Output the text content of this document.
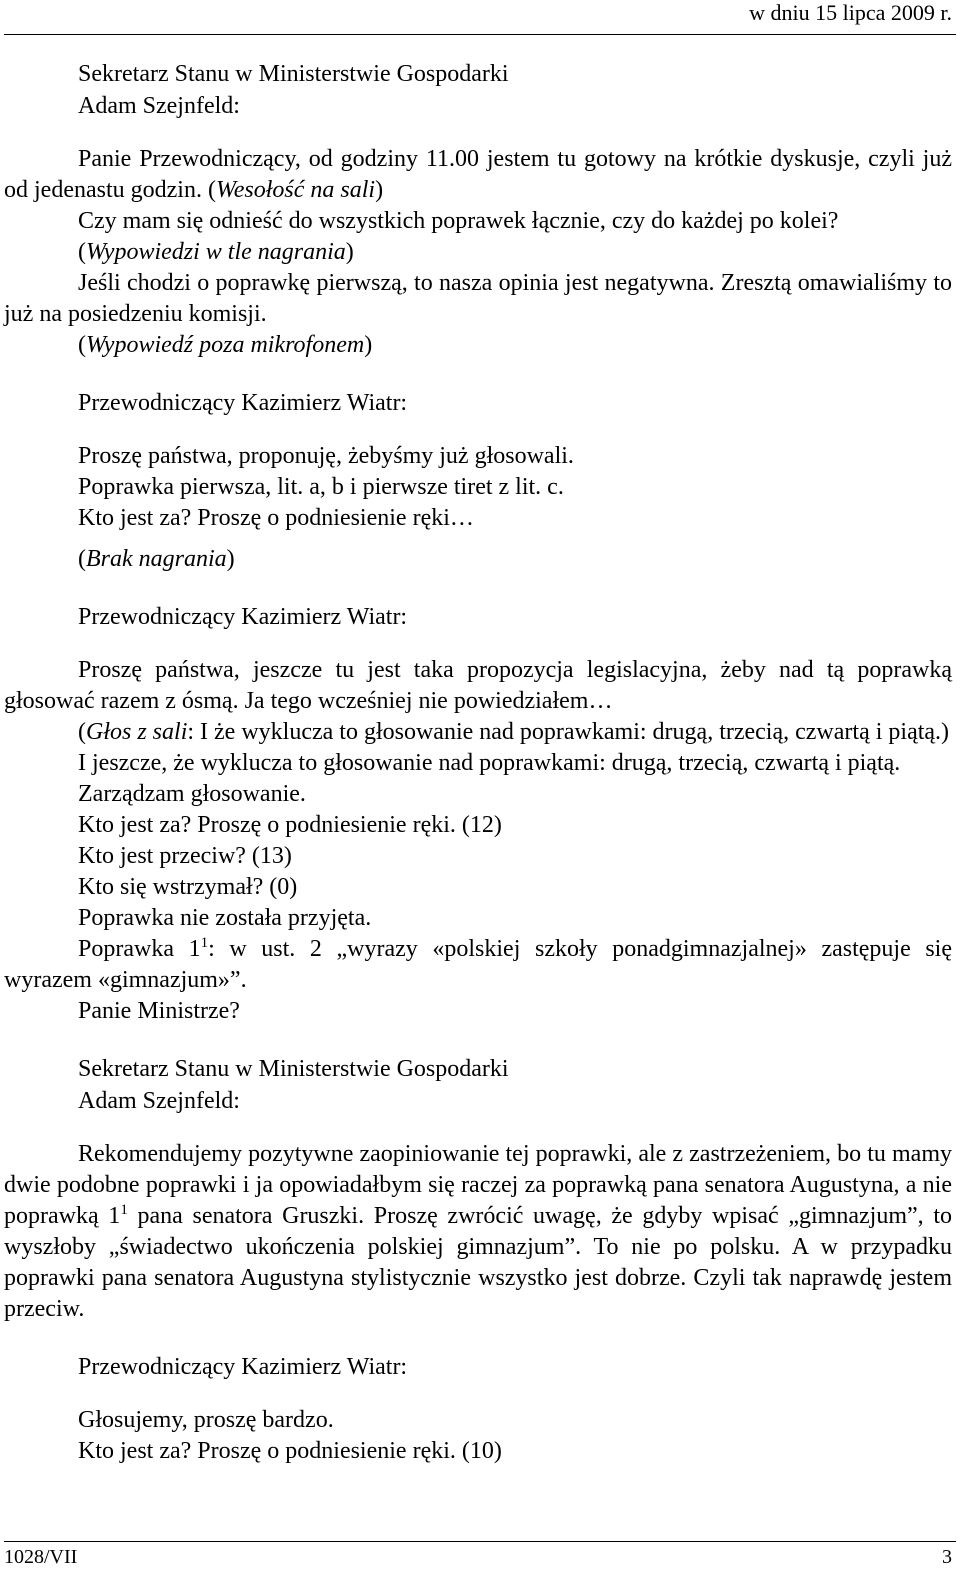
w dniu 15 lipca 2009 r.
Sekretarz Stanu w Ministerstwie Gospodarki
Adam Szejnfeld:

Panie Przewodniczący, od godziny 11.00 jestem tu gotowy na krótkie dyskusje, czyli już od jedenastu godzin. (Wesołość na sali)

Czy mam się odnieść do wszystkich poprawek łącznie, czy do każdej po kolei?

(Wypowiedzi w tle nagrania)

Jeśli chodzi o poprawkę pierwszą, to nasza opinia jest negatywna. Zresztą omawialiśmy to już na posiedzeniu komisji.

(Wypowiedź poza mikrofonem)

Przewodniczący Kazimierz Wiatr:

Proszę państwa, proponuję, żebyśmy już głosowali.

Poprawka pierwsza, lit. a, b i pierwsze tiret z lit. c.

Kto jest za? Proszę o podniesienie ręki…

(Brak nagrania)

Przewodniczący Kazimierz Wiatr:

Proszę państwa, jeszcze tu jest taka propozycja legislacyjna, żeby nad tą poprawką głosować razem z ósmą. Ja tego wcześniej nie powiedziałem…

(Głos z sali: I że wyklucza to głosowanie nad poprawkami: drugą, trzecią, czwartą i piątą.)

I jeszcze, że wyklucza to głosowanie nad poprawkami: drugą, trzecią, czwartą i piątą.

Zarządzam głosowanie.

Kto jest za? Proszę o podniesienie ręki. (12)

Kto jest przeciw? (13)

Kto się wstrzymał? (0)

Poprawka nie została przyjęta.

Poprawka $1^1$: w ust. 2 „wyrazy «polskiej szkoły ponadgimnazjalnej» zastępuje się wyrazem «gimnazjum»”.

Panie Ministrze?

Sekretarz Stanu w Ministerstwie Gospodarki
Adam Szejnfeld:

Rekomendujemy pozytywne zaopiniowanie tej poprawki, ale z zastrzeżeniem, bo tu mamy dwie podobne poprawki i ja opowiadałbym się raczej za poprawką pana senatora Augustyna, a nie poprawką $1^1$ pana senatora Gruszki. Proszę zwrócić uwagę, że gdyby wpisać „gimnazjum”, to wyszłoby „świadectwo ukończenia polskiej gimnazjum”. To nie po polsku. A w przypadku poprawki pana senatora Augustyna stylistycznie wszystko jest dobrze. Czyli tak naprawdę jestem przeciw.

Przewodniczący Kazimierz Wiatr:

Głosujemy, proszę bardzo.

Kto jest za? Proszę o podniesienie ręki. (10)

1028/VII	3
